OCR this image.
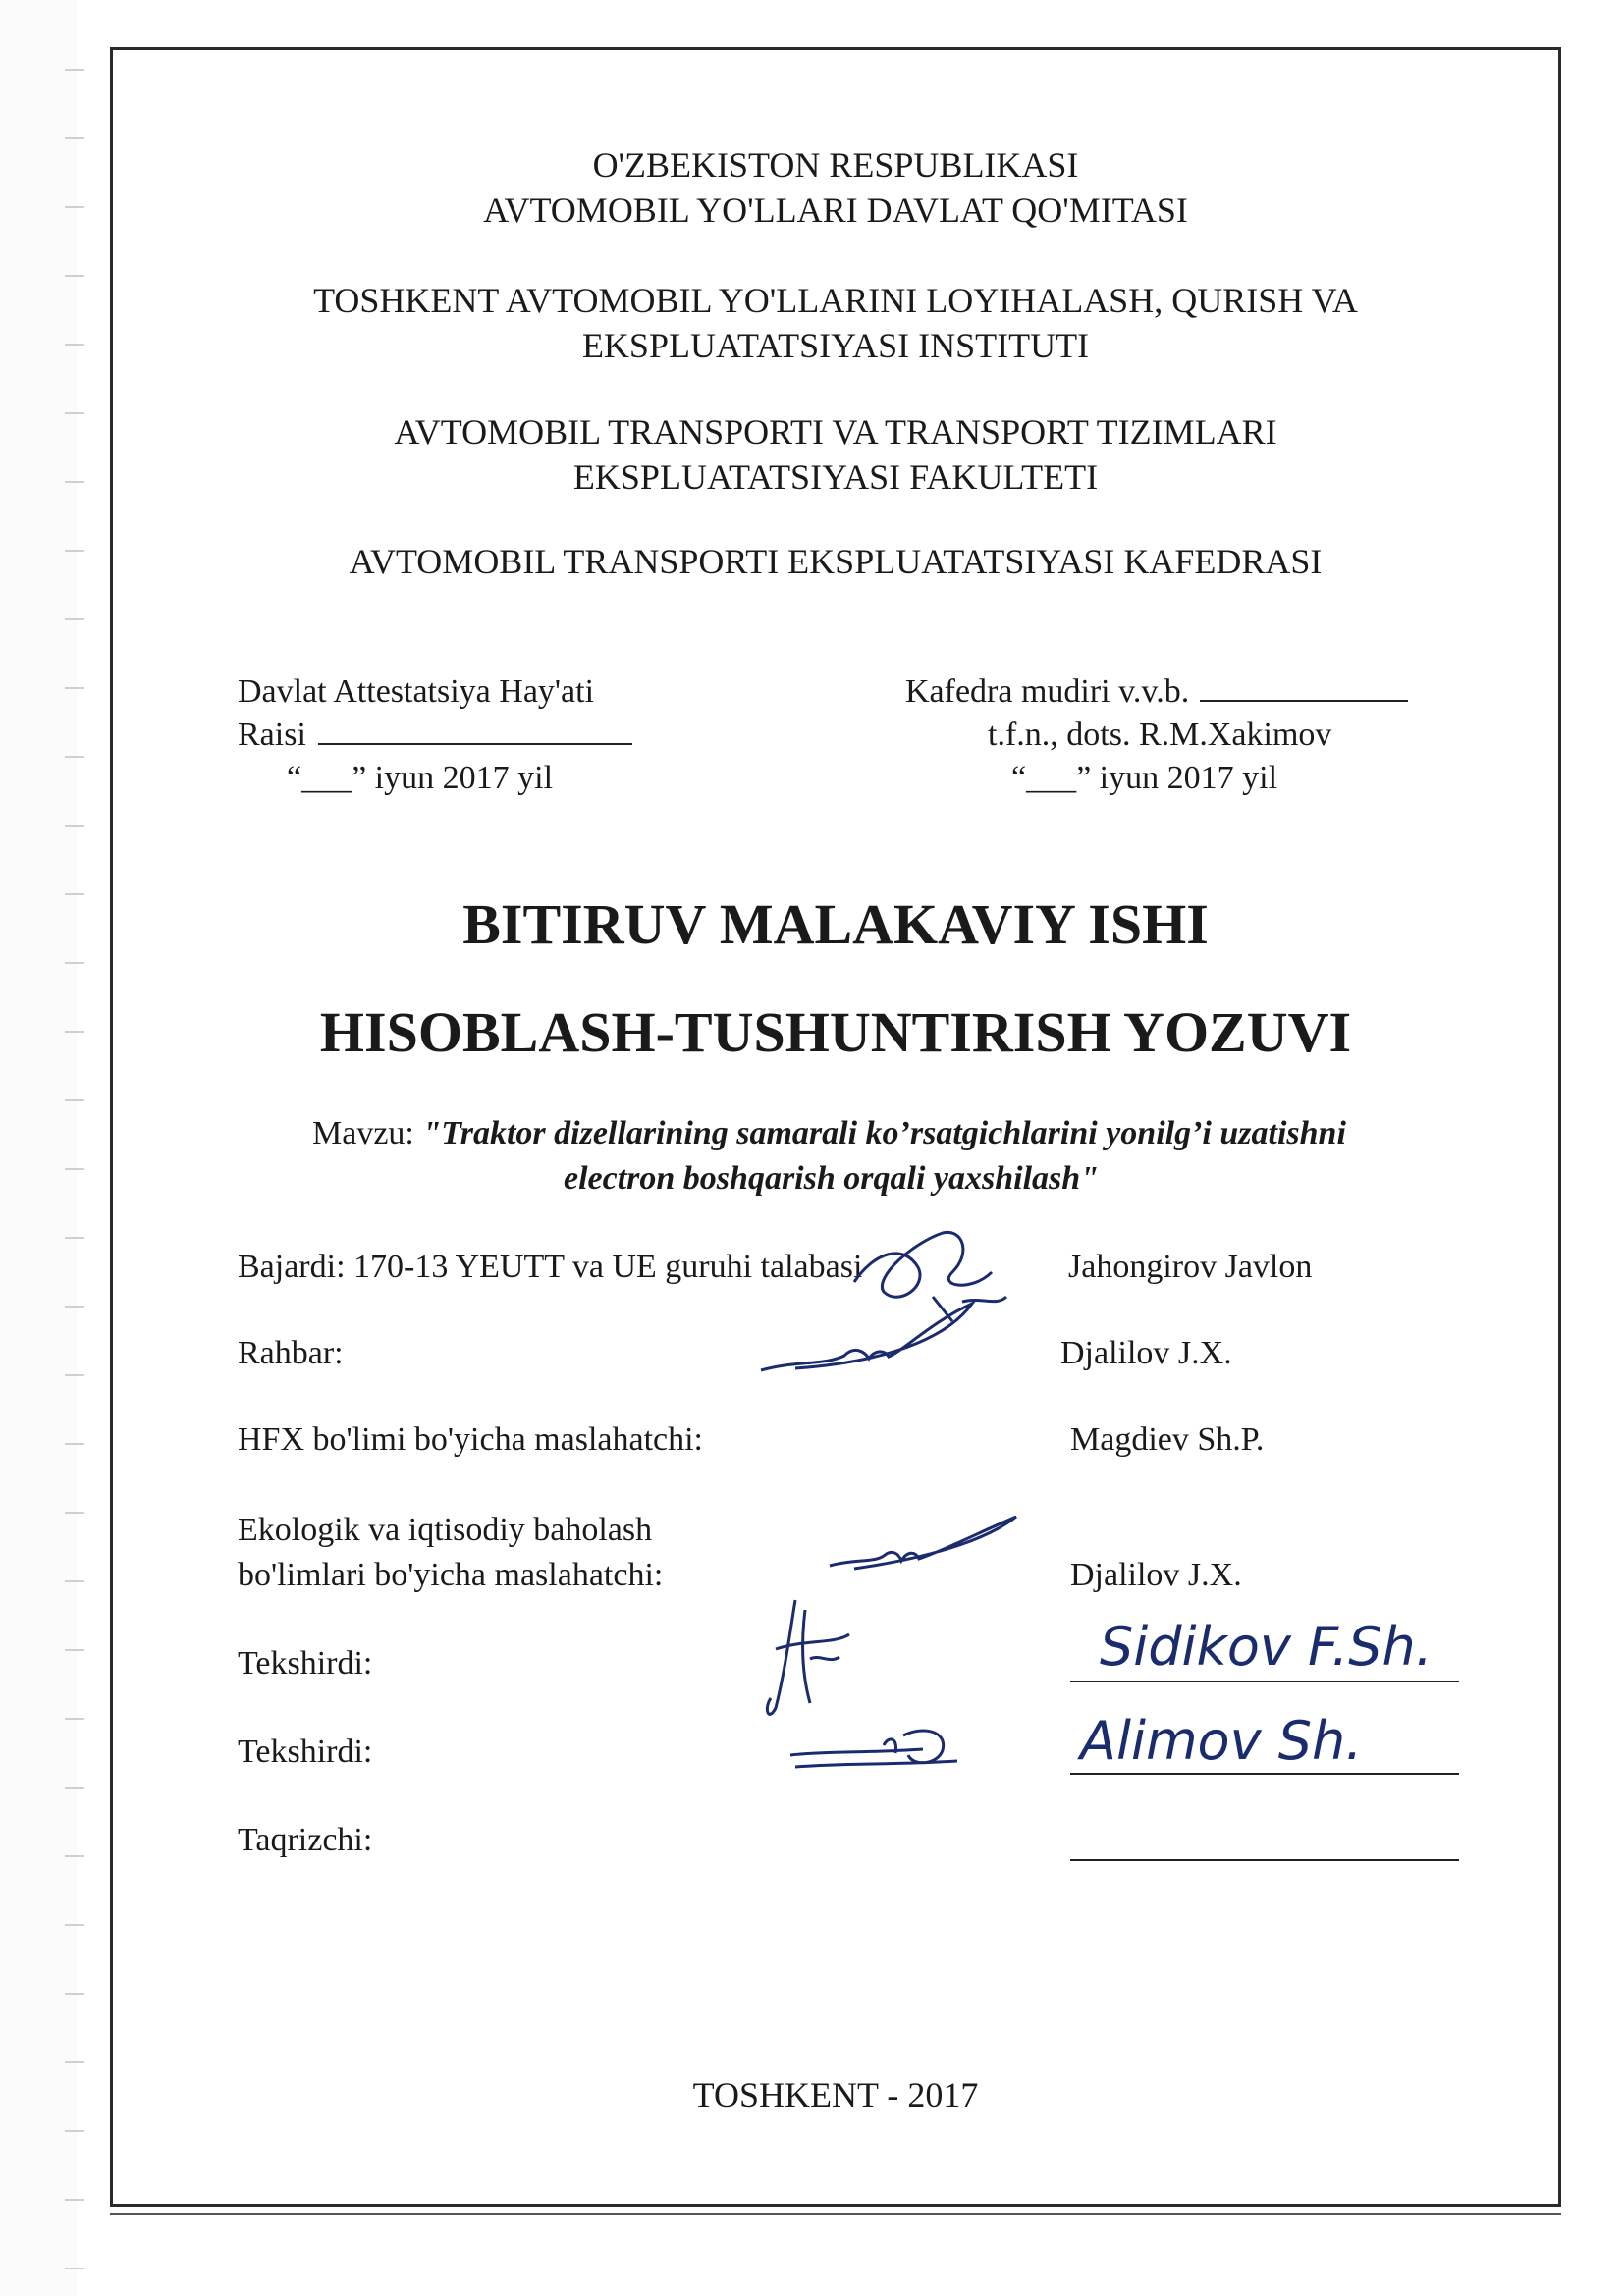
O'ZBEKISTON RESPUBLIKASI
AVTOMOBIL YO'LLARI DAVLAT QO'MITASI
TOSHKENT AVTOMOBIL YO'LLARINI LOYIHALASH, QURISH VA
EKSPLUATATSIYASI INSTITUTI
AVTOMOBIL TRANSPORTI VA TRANSPORT TIZIMLARI
EKSPLUATATSIYASI FAKULTETI
AVTOMOBIL TRANSPORTI EKSPLUATATSIYASI KAFEDRASI
Davlat Attestatsiya Hay'ati
Raisi
“___” iyun 2017 yil
Kafedra mudiri v.v.b.
t.f.n., dots. R.M.Xakimov
“___” iyun 2017 yil
BITIRUV MALAKAVIY ISHI
HISOBLASH-TUSHUNTIRISH YOZUVI
Mavzu: "Traktor dizellarining samarali ko’rsatgichlarini yonilg’i uzatishni
electron boshqarish orqali yaxshilash"
Bajardi: 170-13 YEUTT va UE guruhi talabasi	Jahongirov Javlon
Rahbar:	Djalilov J.X.
HFX bo'limi bo'yicha maslahatchi:	Magdiev Sh.P.
Ekologik va iqtisodiy baholash
bo'limlari bo'yicha maslahatchi:	Djalilov J.X.
Tekshirdi:	Sidikov F.Sh.
Tekshirdi:	Alimov Sh.
Taqrizchi:
TOSHKENT - 2017
